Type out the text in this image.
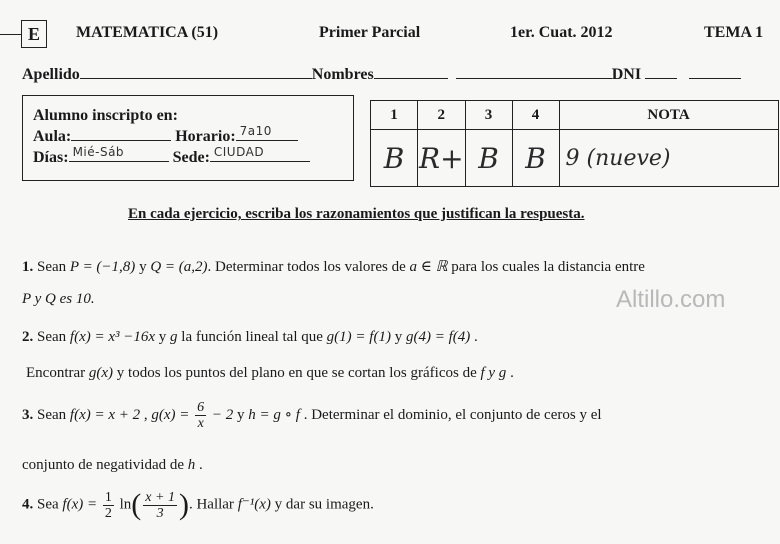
E	MATEMATICA (51)	Primer Parcial	1er. Cuat. 2012	TEMA 1
Apellido	Nombres	DNI
Alumno inscripto en:
Aula:	Horario: 7a10
Días: Mié-Sáb	Sede: CIUDAD
1	2	3	4	NOTA
B	R+	B	B	9 (nueve)
En cada ejercicio, escriba los razonamientos que justifican la respuesta.
1. Sean P = (−1,8) y Q = (a,2). Determinar todos los valores de a ∈ ℝ para los cuales la distancia entre
P y Q es 10.	Altillo.com
2. Sean f(x) = x³ −16x y g la función lineal tal que g(1) = f(1) y g(4) = f(4) .
Encontrar g(x) y todos los puntos del plano en que se cortan los gráficos de f y g .
3. Sean f(x) = x + 2 , $g(x) = \frac{6}{x} - 2$ y h = g ∘ f . Determinar el dominio, el conjunto de ceros y el
conjunto de negatividad de h .
4. Sea $f(x) = \frac{1}{2} \ln( \frac{x + 1}{3}$ ). Hallar f⁻¹(x) y dar su imagen.
